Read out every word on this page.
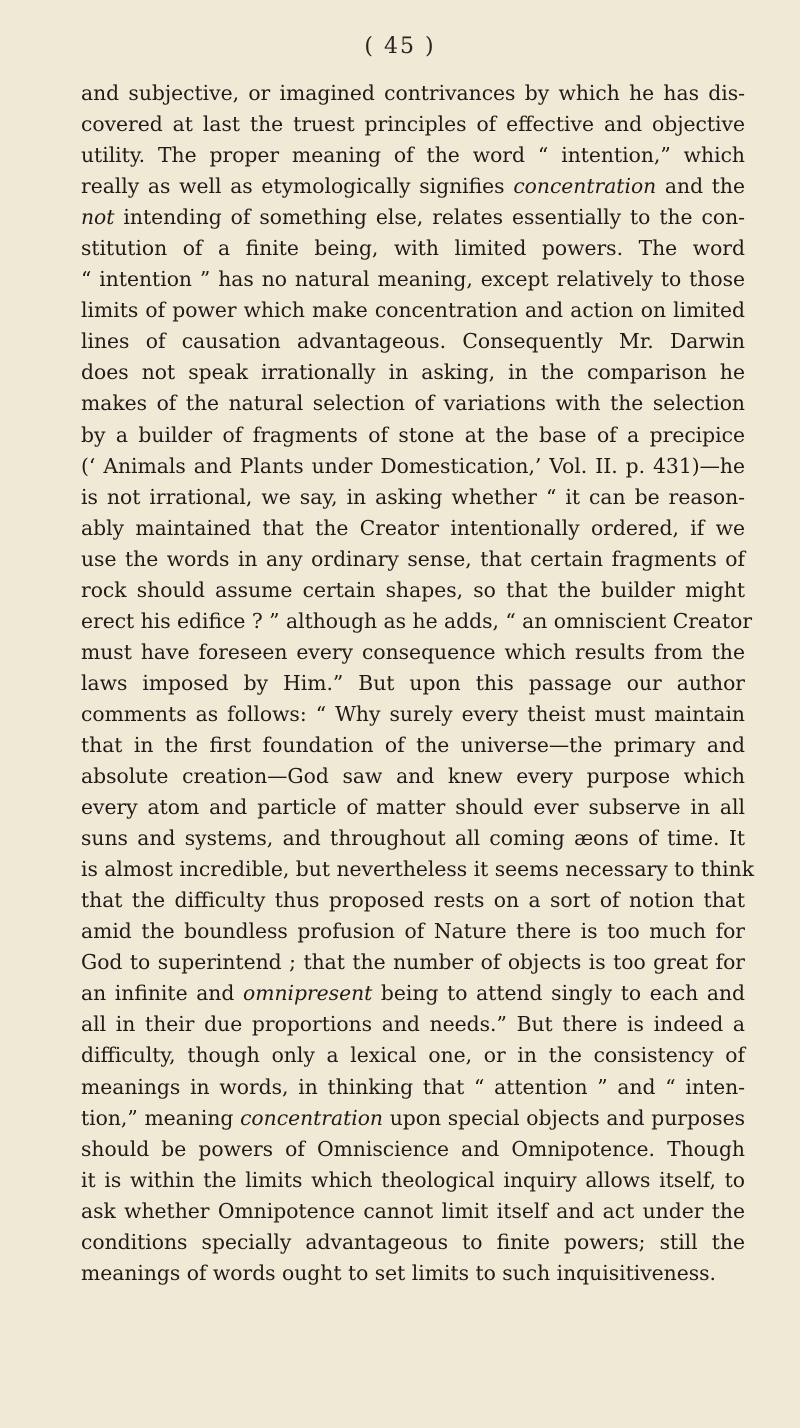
( 45 )
and subjective, or imagined contrivances by which he has dis-
covered at last the truest principles of effective and objective
utility. The proper meaning of the word “ intention,” which
really as well as etymologically signifies concentration and the
not intending of something else, relates essentially to the con-
stitution of a finite being, with limited powers. The word
“ intention ” has no natural meaning, except relatively to those
limits of power which make concentration and action on limited
lines of causation advantageous. Consequently Mr. Darwin
does not speak irrationally in asking, in the comparison he
makes of the natural selection of variations with the selection
by a builder of fragments of stone at the base of a precipice
(‘ Animals and Plants under Domestication,’ Vol. II. p. 431)—he
is not irrational, we say, in asking whether “ it can be reason-
ably maintained that the Creator intentionally ordered, if we
use the words in any ordinary sense, that certain fragments of
rock should assume certain shapes, so that the builder might
erect his edifice ? ” although as he adds, “ an omniscient Creator
must have foreseen every consequence which results from the
laws imposed by Him.” But upon this passage our author
comments as follows: “ Why surely every theist must maintain
that in the first foundation of the universe—the primary and
absolute creation—God saw and knew every purpose which
every atom and particle of matter should ever subserve in all
suns and systems, and throughout all coming æons of time. It
is almost incredible, but nevertheless it seems necessary to think
that the difficulty thus proposed rests on a sort of notion that
amid the boundless profusion of Nature there is too much for
God to superintend ; that the number of objects is too great for
an infinite and omnipresent being to attend singly to each and
all in their due proportions and needs.” But there is indeed a
difficulty, though only a lexical one, or in the consistency of
meanings in words, in thinking that “ attention ” and “ inten-
tion,” meaning concentration upon special objects and purposes
should be powers of Omniscience and Omnipotence. Though
it is within the limits which theological inquiry allows itself, to
ask whether Omnipotence cannot limit itself and act under the
conditions specially advantageous to finite powers; still the
meanings of words ought to set limits to such inquisitiveness.
